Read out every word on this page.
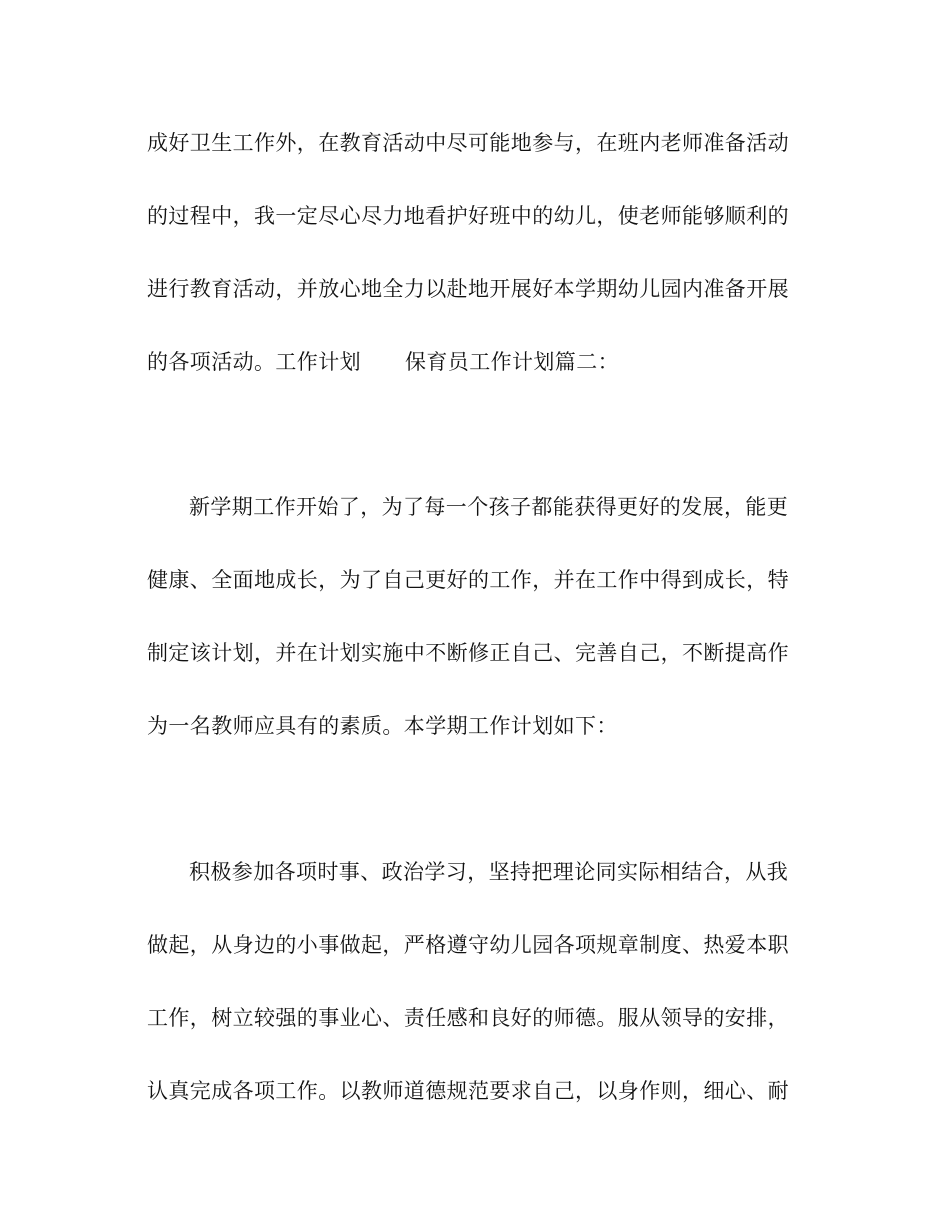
成好卫生工作外，在教育活动中尽可能地参与，在班内老师准备活动
的过程中，我一定尽心尽力地看护好班中的幼儿，使老师能够顺利的
进行教育活动，并放心地全力以赴地开展好本学期幼儿园内准备开展
的各项活动。工作计划 保育员工作计划篇二：
新学期工作开始了，为了每一个孩子都能获得更好的发展，能更
健康、全面地成长，为了自己更好的工作，并在工作中得到成长，特
制定该计划，并在计划实施中不断修正自己、完善自己，不断提高作
为一名教师应具有的素质。本学期工作计划如下：
积极参加各项时事、政治学习，坚持把理论同实际相结合，从我
做起，从身边的小事做起，严格遵守幼儿园各项规章制度、热爱本职
工作，树立较强的事业心、责任感和良好的师德。服从领导的安排，
认真完成各项工作。以教师道德规范要求自己，以身作则，细心、耐
